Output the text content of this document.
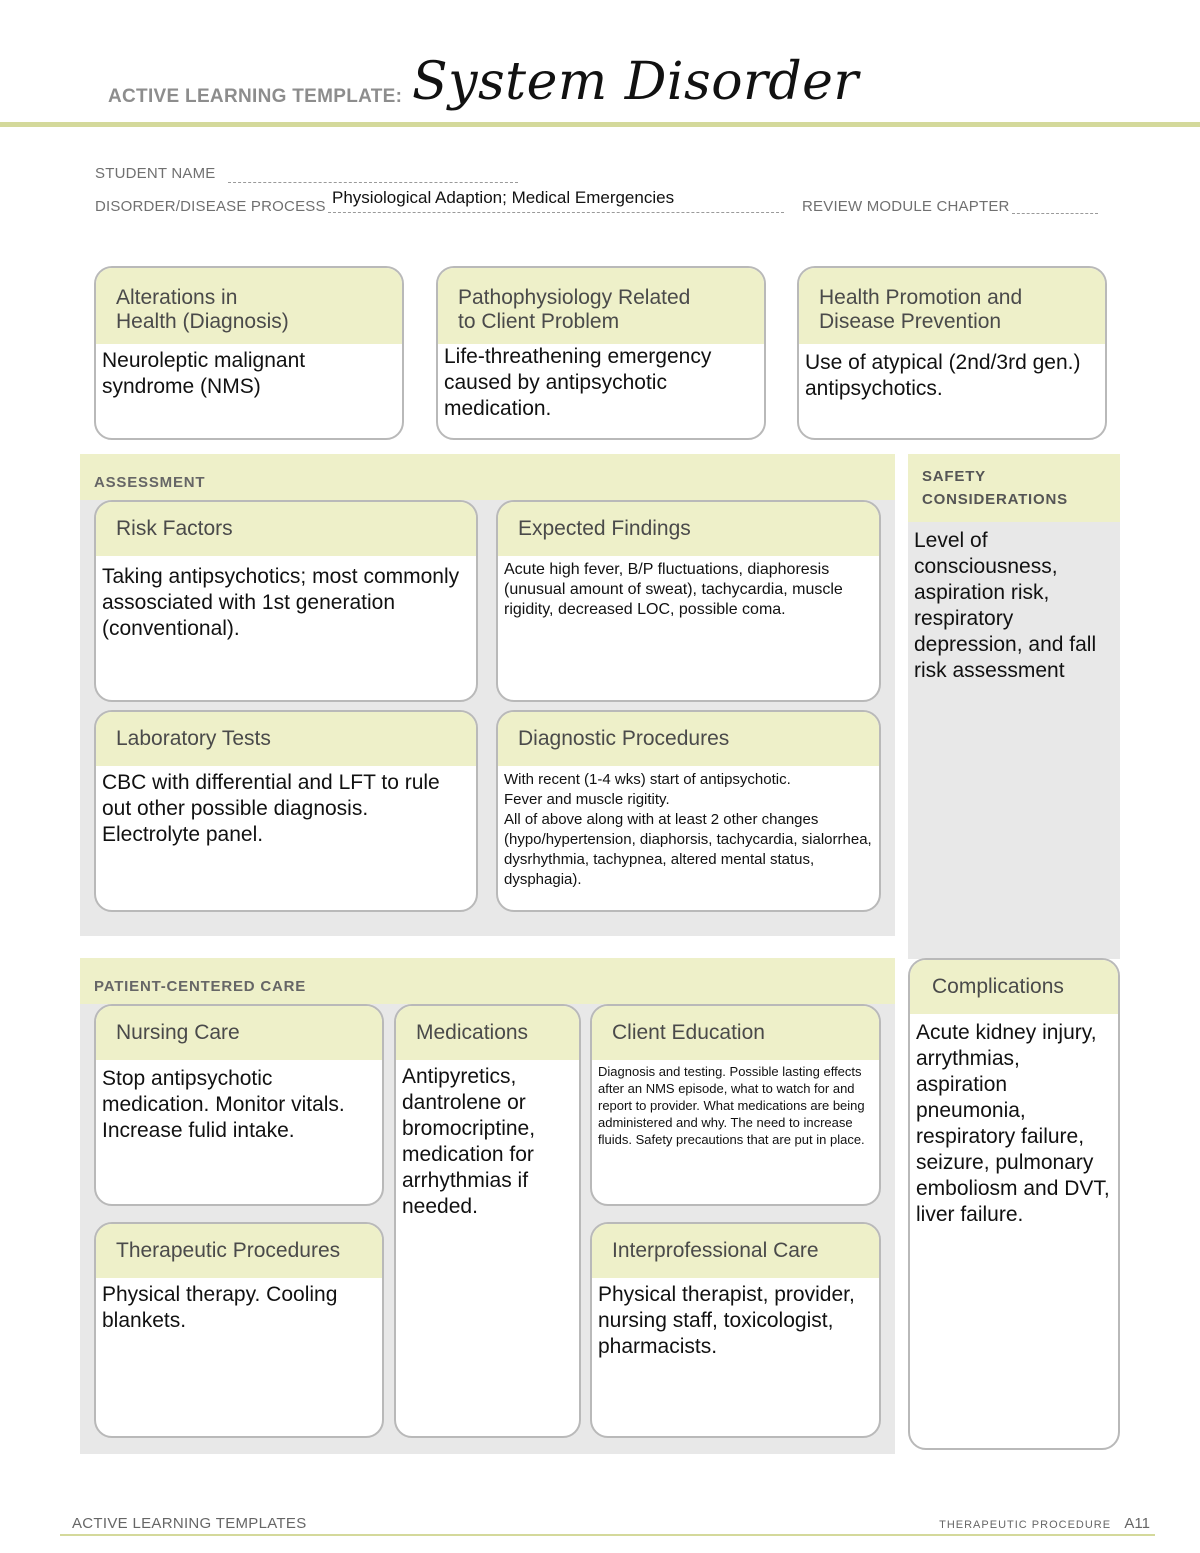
ACTIVE LEARNING TEMPLATE: System Disorder
STUDENT NAME
DISORDER/DISEASE PROCESS Physiological Adaption; Medical Emergencies	REVIEW MODULE CHAPTER
Alterations in
Health (Diagnosis)
Neuroleptic malignant syndrome (NMS)
Pathophysiology Related
to Client Problem
Life-threathening emergency caused by antipsychotic medication.
Health Promotion and
Disease Prevention
Use of atypical (2nd/3rd gen.) antipsychotics.
ASSESSMENT
Risk Factors
Taking antipsychotics; most commonly assosciated with 1st generation (conventional).
Expected Findings
Acute high fever, B/P fluctuations, diaphoresis (unusual amount of sweat), tachycardia, muscle rigidity, decreased LOC, possible coma.
Laboratory Tests
CBC with differential and LFT to rule out other possible diagnosis. Electrolyte panel.
Diagnostic Procedures
With recent (1-4 wks) start of antipsychotic.
Fever and muscle rigitity.
All of above along with at least 2 other changes (hypo/hypertension, diaphorsis, tachycardia, sialorrhea, dysrhythmia, tachypnea, altered mental status, dysphagia).
SAFETY
CONSIDERATIONS
Level of consciousness, aspiration risk, respiratory depression, and fall risk assessment
PATIENT-CENTERED CARE
Nursing Care
Stop antipsychotic medication. Monitor vitals. Increase fulid intake.
Medications
Antipyretics, dantrolene or bromocriptine, medication for arrhythmias if needed.
Client Education
Diagnosis and testing. Possible lasting effects after an NMS episode, what to watch for and report to provider. What medications are being administered and why. The need to increase fluids. Safety precautions that are put in place.
Therapeutic Procedures
Physical therapy. Cooling blankets.
Interprofessional Care
Physical therapist, provider, nursing staff, toxicologist, pharmacists.
Complications
Acute kidney injury, arrythmias, aspiration pneumonia, respiratory failure, seizure, pulmonary emboliosm and DVT, liver failure.
ACTIVE LEARNING TEMPLATES	THERAPEUTIC PROCEDURE A11
